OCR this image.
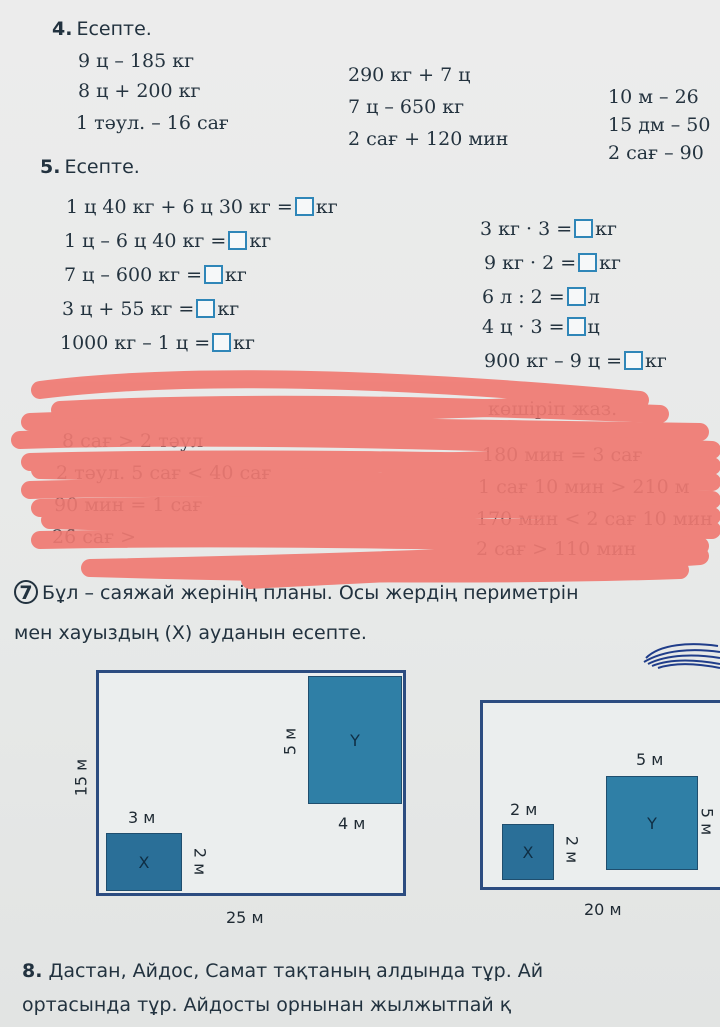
4. Есепте.
9 ц – 185 кг
8 ц + 200 кг
1 тәул. – 16 сағ
290 кг + 7 ц
7 ц – 650 кг
2 сағ + 120 мин
10 м – 26
15 дм – 50
2 сағ – 90
5. Есепте.
1 ц 40 кг + 6 ц 30 кг = кг
1 ц – 6 ц 40 кг = кг
7 ц – 600 кг = кг
3 ц + 55 кг = кг
1000 кг – 1 ц = кг
3 кг · 3 = кг
9 кг · 2 = кг
6 л : 2 = л
4 ц · 3 = ц
900 кг – 9 ц = кг
көшіріп жаз.
8 сағ > 2 тәул
2 тәул. 5 сағ < 40 сағ
90 мин = 1 сағ
26 сағ >
180 мин = 3 сағ
1 сағ 10 мин > 210 м
170 мин < 2 сағ 10 мин
2 сағ > 110 мин
7 Бұл – саяжай жерінің планы. Осы жердің периметрін
мен хауыздың (X) ауданын есепте.
Y
X
25 м
15 м
3 м
2 м
5 м
4 м	Y
X
20 м
2 м
2 м
5 м
5 м
8. Дастан, Айдос, Самат тақтаның алдында тұр. Ай
ортасында тұр. Айдосты орнынан жылжытпай қ
